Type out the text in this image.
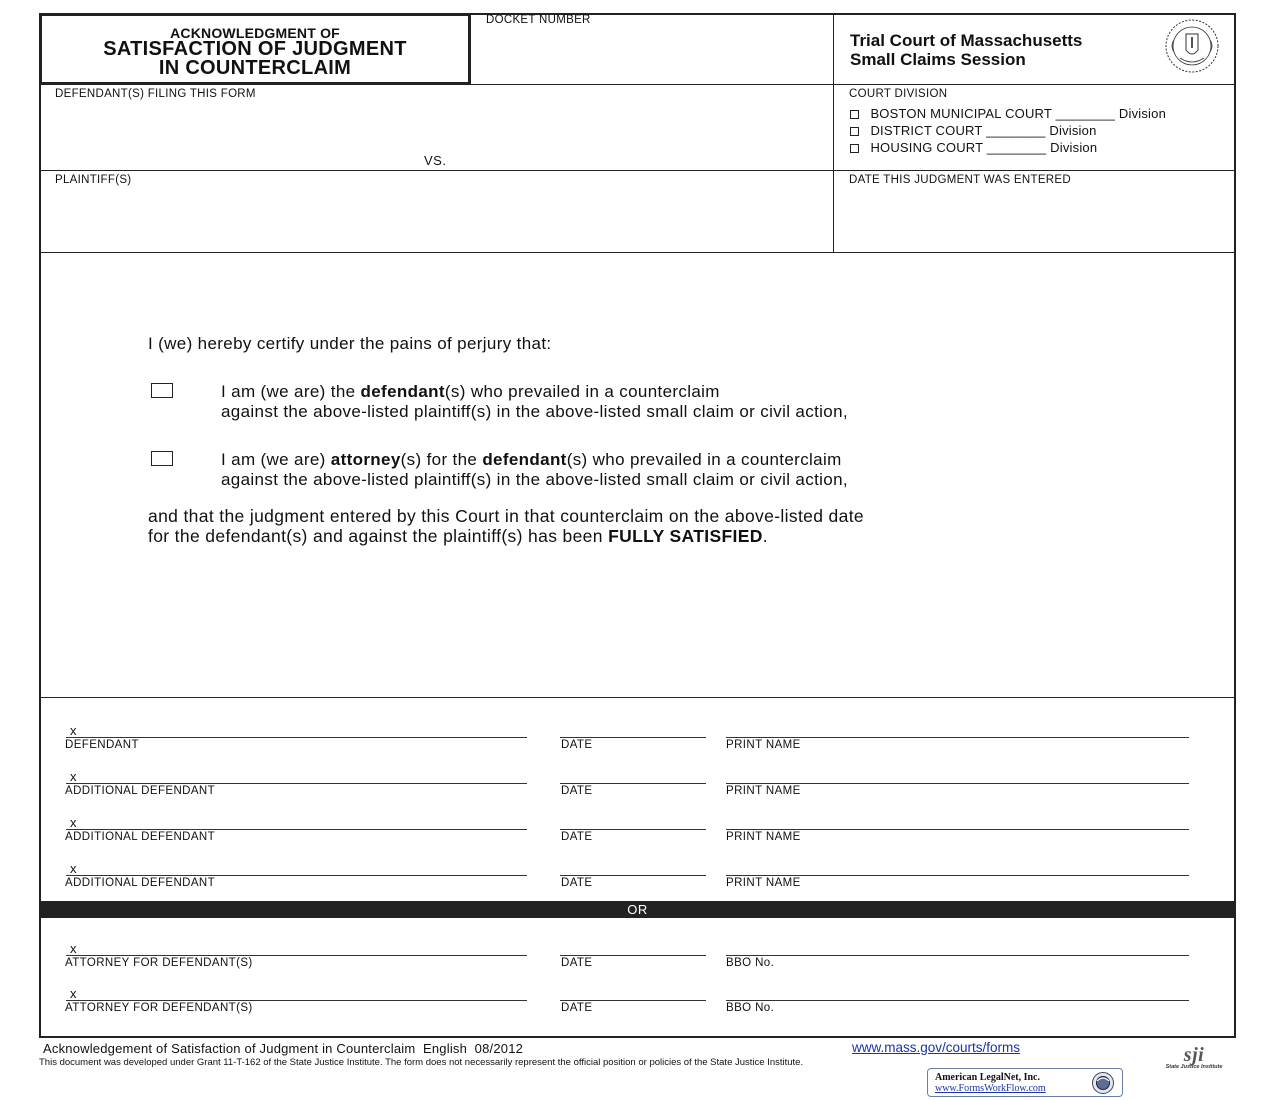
ACKNOWLEDGMENT OF
SATISFACTION OF JUDGMENT
IN COUNTERCLAIM
DOCKET NUMBER
Trial Court of Massachusetts
Small Claims Session
DEFENDANT(S) FILING THIS FORM
VS.
PLAINTIFF(S)
COURT DIVISION
BOSTON MUNICIPAL COURT ________ Division
DISTRICT COURT ________ Division
HOUSING COURT ________ Division
DATE THIS JUDGMENT WAS ENTERED
I (we) hereby certify under the pains of perjury that:
I am (we are) the defendant(s) who prevailed in a counterclaim
against the above-listed plaintiff(s) in the above-listed small claim or civil action,
I am (we are) attorney(s) for the defendant(s) who prevailed in a counterclaim
against the above-listed plaintiff(s) in the above-listed small claim or civil action,
and that the judgment entered by this Court in that counterclaim on the above-listed date
for the defendant(s) and against the plaintiff(s) has been FULLY SATISFIED.
x
DEFENDANT	DATE	PRINT NAME
x
ADDITIONAL DEFENDANT	DATE	PRINT NAME
x
ADDITIONAL DEFENDANT	DATE	PRINT NAME
x
ADDITIONAL DEFENDANT	DATE	PRINT NAME
OR
x
ATTORNEY FOR DEFENDANT(S)	DATE	BBO No.
x
ATTORNEY FOR DEFENDANT(S)	DATE	BBO No.
Acknowledgement of Satisfaction of Judgment in Counterclaim  English  08/2012	www.mass.gov/courts/forms
This document was developed under Grant 11-T-162 of the State Justice Institute. The form does not necessarily represent the official position or policies of the State Justice Institute.	sji
State Justice Institute
American LegalNet, Inc.
www.FormsWorkFlow.com
